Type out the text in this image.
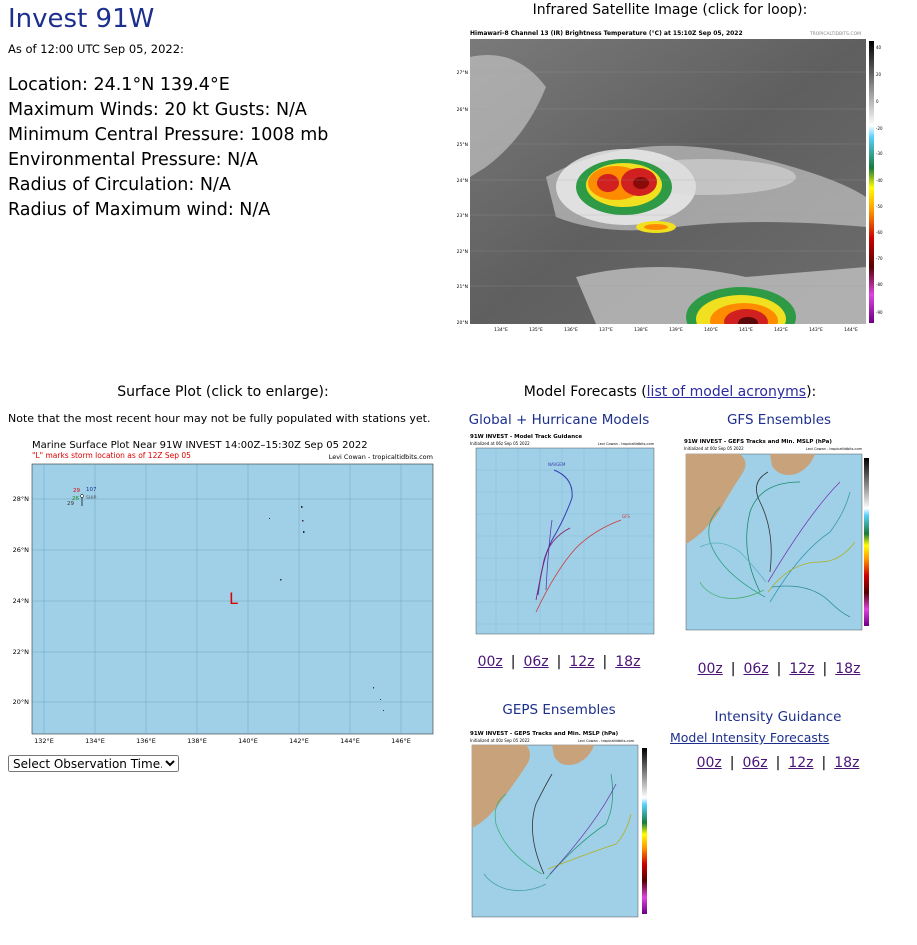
Invest 91W
As of 12:00 UTC Sep 05, 2022:
Location: 24.1°N 139.4°E
Maximum Winds: 20 kt Gusts: N/A
Minimum Central Pressure: 1008 mb
Environmental Pressure: N/A
Radius of Circulation: N/A
Radius of Maximum wind: N/A
Infrared Satellite Image (click for loop):
Himawari-8 Channel 13 (IR) Brightness Temperature (°C) at 15:10Z Sep 05, 2022	TROPICALTIDBITS.COM
27°N
26°N
25°N
24°N
23°N
22°N
21°N
20°N
134°E	135°E	136°E	137°E	138°E	139°E	140°E	141°E	142°E	143°E	144°E
40
20
0
-20
-30
-40
-50
-60
-70
-80
-90
Surface Plot (click to enlarge):
Note that the most recent hour may not be fully populated with stations yet.
Marine Surface Plot Near 91W INVEST 14:00Z–15:30Z Sep 05 2022
"L" marks storm location as of 12Z Sep 05	Levi Cowan - tropicaltidbits.com
29
26
107
SHIP
29
L
28°N
26°N
24°N
22°N
20°N
132°E	134°E	136°E	138°E	140°E	142°E	144°E	146°E
Select Observation Time...
Model Forecasts (list of model acronyms):
Global + Hurricane Models
91W INVEST - Model Track Guidance
Initialized at 06z Sep 05 2022	Levi Cowan - tropicaltidbits.com
NAVGEM
GFS
00z | 06z | 12z | 18z
GFS Ensembles
91W INVEST - GEFS Tracks and Min. MSLP (hPa)
Initialized at 00z Sep 05 2022	Levi Cowan - tropicaltidbits.com
00z | 06z | 12z | 18z
GEPS Ensembles
91W INVEST - GEPS Tracks and Min. MSLP (hPa)
Initialized at 00z Sep 05 2022	Levi Cowan - tropicaltidbits.com
Intensity Guidance
Model Intensity Forecasts
00z | 06z | 12z | 18z
